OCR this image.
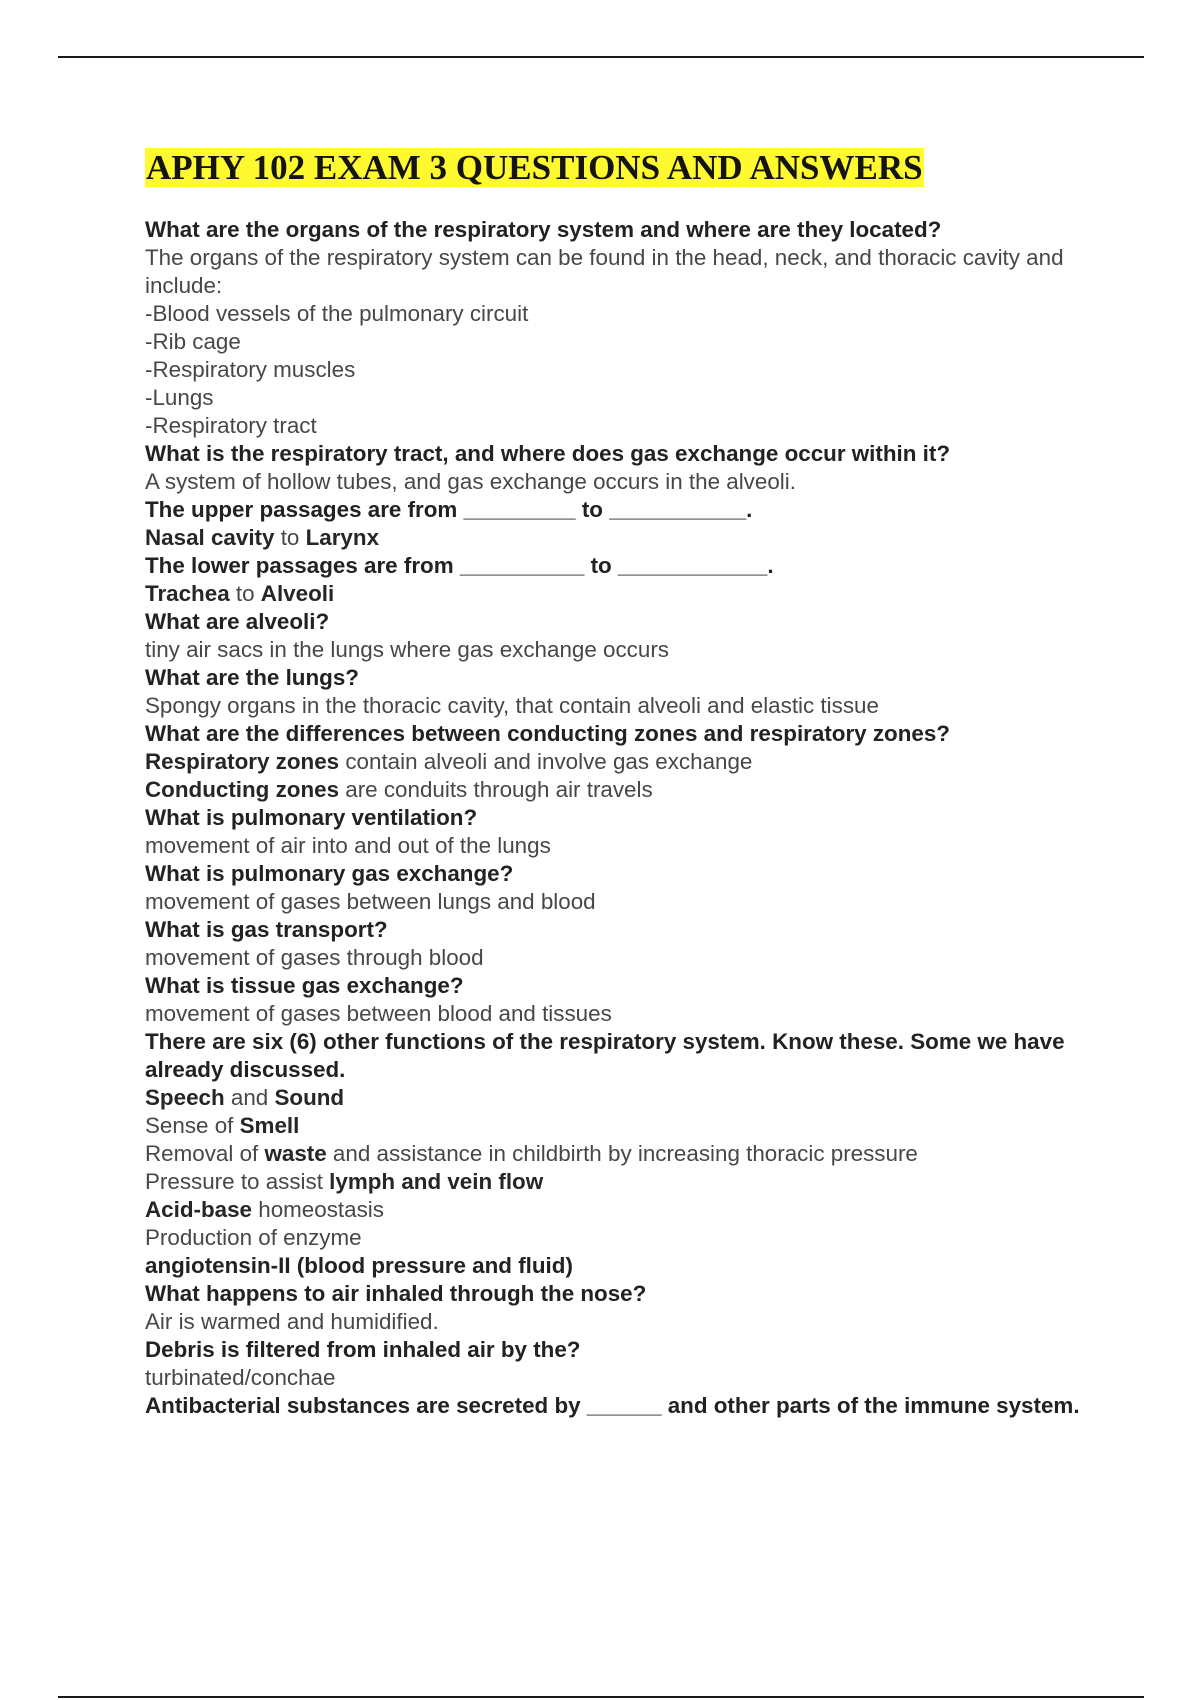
APHY 102 EXAM 3 QUESTIONS AND ANSWERS

What are the organs of the respiratory system and where are they located?

The organs of the respiratory system can be found in the head, neck, and thoracic cavity and include:

-Blood vessels of the pulmonary circuit

-Rib cage

-Respiratory muscles

-Lungs

-Respiratory tract

What is the respiratory tract, and where does gas exchange occur within it?

A system of hollow tubes, and gas exchange occurs in the alveoli.

The upper passages are from _________ to ___________.

Nasal cavity to Larynx

The lower passages are from __________ to ____________.

Trachea to Alveoli

What are alveoli?

tiny air sacs in the lungs where gas exchange occurs

What are the lungs?

Spongy organs in the thoracic cavity, that contain alveoli and elastic tissue

What are the differences between conducting zones and respiratory zones?

Respiratory zones contain alveoli and involve gas exchange

Conducting zones are conduits through air travels

What is pulmonary ventilation?

movement of air into and out of the lungs

What is pulmonary gas exchange?

movement of gases between lungs and blood

What is gas transport?

movement of gases through blood

What is tissue gas exchange?

movement of gases between blood and tissues

There are six (6) other functions of the respiratory system. Know these. Some we have already discussed.

Speech and Sound

Sense of Smell

Removal of waste and assistance in childbirth by increasing thoracic pressure

Pressure to assist lymph and vein flow

Acid-base homeostasis

Production of enzyme

angiotensin-II (blood pressure and fluid)

What happens to air inhaled through the nose?

Air is warmed and humidified.

Debris is filtered from inhaled air by the?

turbinated/conchae

Antibacterial substances are secreted by ______ and other parts of the immune system.
